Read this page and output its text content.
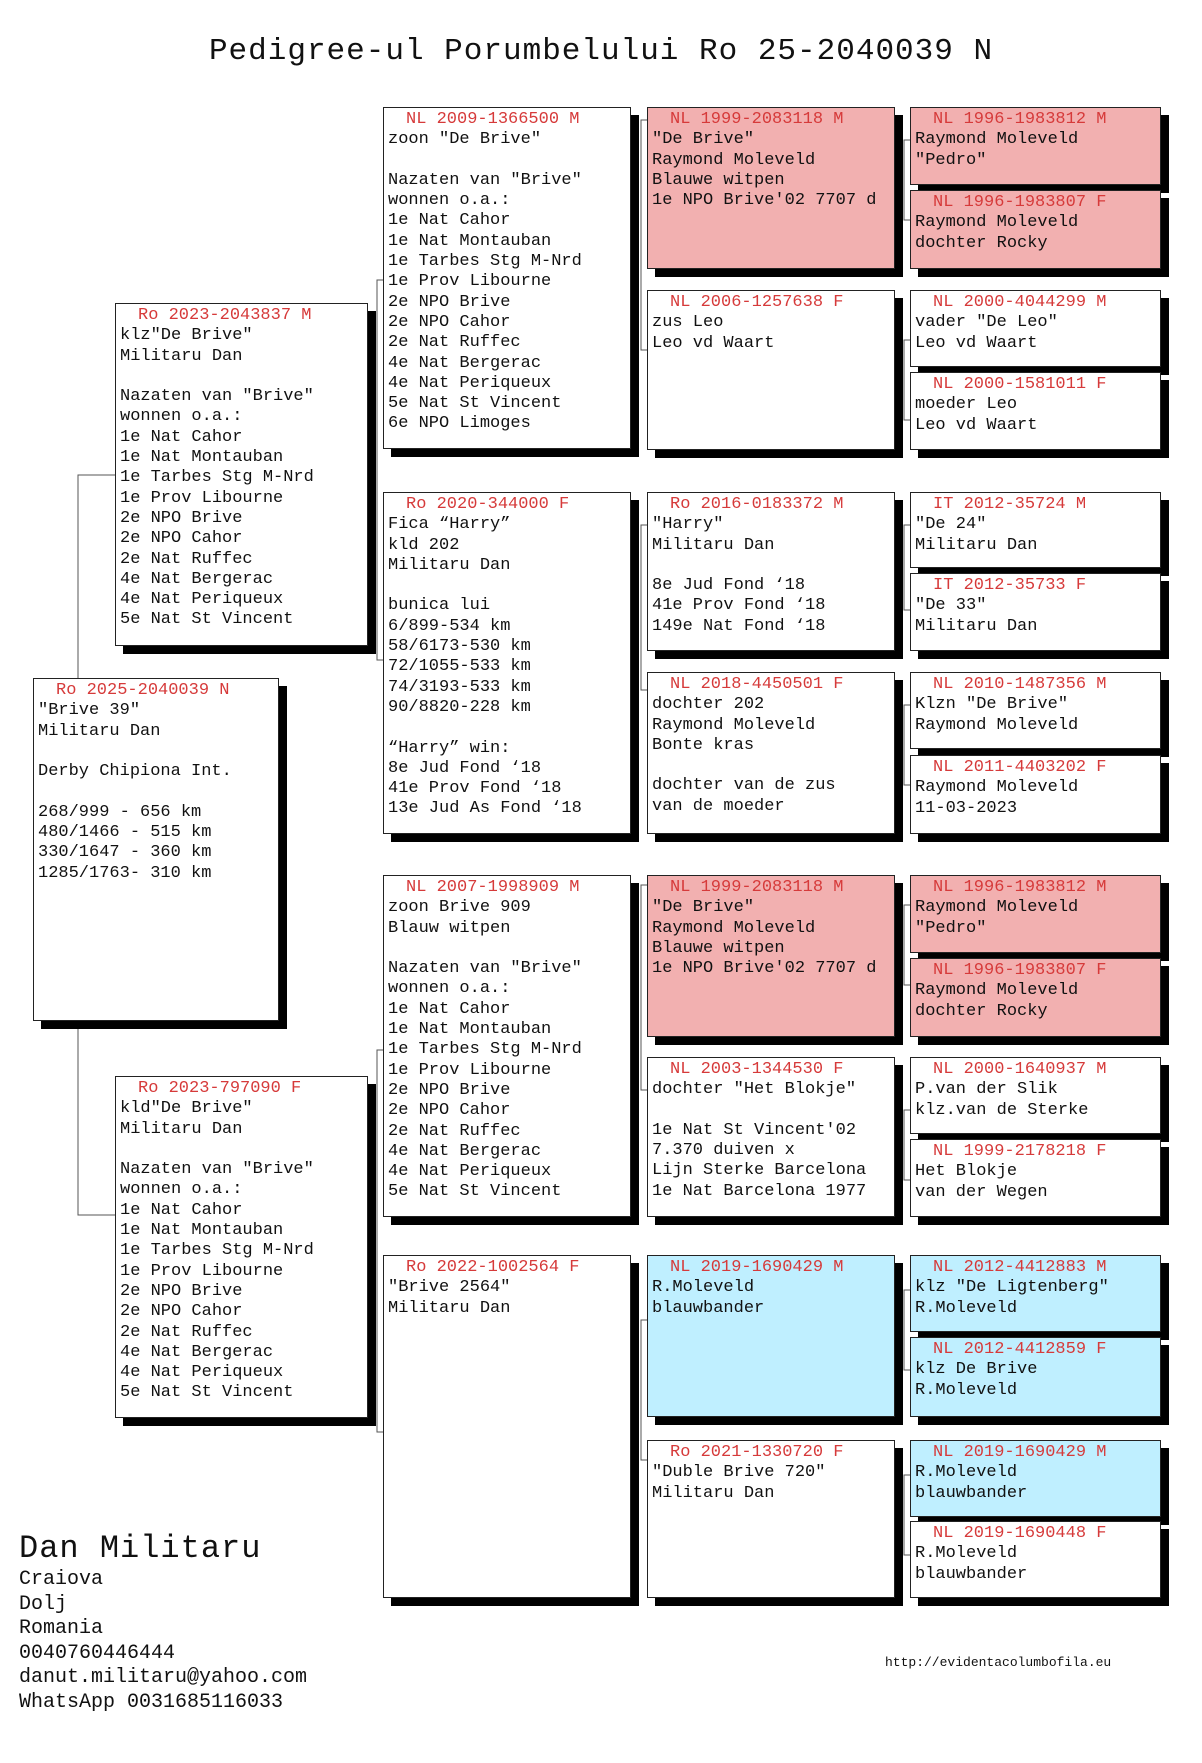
Pedigree-ul Porumbelului Ro 25-2040039 N
Ro 2025-2040039 N
"Brive 39"
Militaru Dan
Derby Chipiona Int.
268/999 - 656 km
480/1466 - 515 km
330/1647 - 360 km
1285/1763- 310 km
Ro 2023-2043837 M
klz"De Brive"
Militaru Dan
Nazaten van "Brive"
wonnen o.a.:
1e Nat Cahor
1e Nat Montauban
1e Tarbes Stg M-Nrd
1e Prov Libourne
2e NPO Brive
2e NPO Cahor
2e Nat Ruffec
4e Nat Bergerac
4e Nat Periqueux
5e Nat St Vincent
Ro 2023-797090 F
kld"De Brive"
Militaru Dan
Nazaten van "Brive"
wonnen o.a.:
1e Nat Cahor
1e Nat Montauban
1e Tarbes Stg M-Nrd
1e Prov Libourne
2e NPO Brive
2e NPO Cahor
2e Nat Ruffec
4e Nat Bergerac
4e Nat Periqueux
5e Nat St Vincent
NL 2009-1366500 M
zoon "De Brive"
Nazaten van "Brive"
wonnen o.a.:
1e Nat Cahor
1e Nat Montauban
1e Tarbes Stg M-Nrd
1e Prov Libourne
2e NPO Brive
2e NPO Cahor
2e Nat Ruffec
4e Nat Bergerac
4e Nat Periqueux
5e Nat St Vincent
6e NPO Limoges
Ro 2020-344000 F
Fica “Harry”
kld 202
Militaru Dan
bunica lui
6/899-534 km
58/6173-530 km
72/1055-533 km
74/3193-533 km
90/8820-228 km
“Harry” win:
8e Jud Fond ‘18
41e Prov Fond ‘18
13e Jud As Fond ‘18
NL 2007-1998909 M
zoon Brive 909
Blauw witpen
Nazaten van "Brive"
wonnen o.a.:
1e Nat Cahor
1e Nat Montauban
1e Tarbes Stg M-Nrd
1e Prov Libourne
2e NPO Brive
2e NPO Cahor
2e Nat Ruffec
4e Nat Bergerac
4e Nat Periqueux
5e Nat St Vincent
Ro 2022-1002564 F
"Brive 2564"
Militaru Dan
NL 1999-2083118 M
"De Brive"
Raymond Moleveld
Blauwe witpen
1e NPO Brive'02 7707 d
NL 2006-1257638 F
zus Leo
Leo vd Waart
Ro 2016-0183372 M
"Harry"
Militaru Dan
8e Jud Fond ‘18
41e Prov Fond ‘18
149e Nat Fond ‘18
NL 2018-4450501 F
dochter 202
Raymond Moleveld
Bonte kras
dochter van de zus
van de moeder
NL 1999-2083118 M
"De Brive"
Raymond Moleveld
Blauwe witpen
1e NPO Brive'02 7707 d
NL 2003-1344530 F
dochter "Het Blokje"
1e Nat St Vincent'02
7.370 duiven x
Lijn Sterke Barcelona
1e Nat Barcelona 1977
NL 2019-1690429 M
R.Moleveld
blauwbander
Ro 2021-1330720 F
"Duble Brive 720"
Militaru Dan
NL 1996-1983812 M
Raymond Moleveld
"Pedro"
NL 1996-1983807 F
Raymond Moleveld
dochter Rocky
NL 2000-4044299 M
vader "De Leo"
Leo vd Waart
NL 2000-1581011 F
moeder Leo
Leo vd Waart
IT 2012-35724 M
"De 24"
Militaru Dan
IT 2012-35733 F
"De 33"
Militaru Dan
NL 2010-1487356 M
Klzn "De Brive"
Raymond Moleveld
NL 2011-4403202 F
Raymond Moleveld
11-03-2023
NL 1996-1983812 M
Raymond Moleveld
"Pedro"
NL 1996-1983807 F
Raymond Moleveld
dochter Rocky
NL 2000-1640937 M
P.van der Slik
klz.van de Sterke
NL 1999-2178218 F
Het Blokje
van der Wegen
NL 2012-4412883 M
klz "De Ligtenberg"
R.Moleveld
NL 2012-4412859 F
klz De Brive
R.Moleveld
NL 2019-1690429 M
R.Moleveld
blauwbander
NL 2019-1690448 F
R.Moleveld
blauwbander
Dan Militaru
Craiova
Dolj
Romania
0040760446444
danut.militaru@yahoo.com
WhatsApp 0031685116033
http://evidentacolumbofila.eu
